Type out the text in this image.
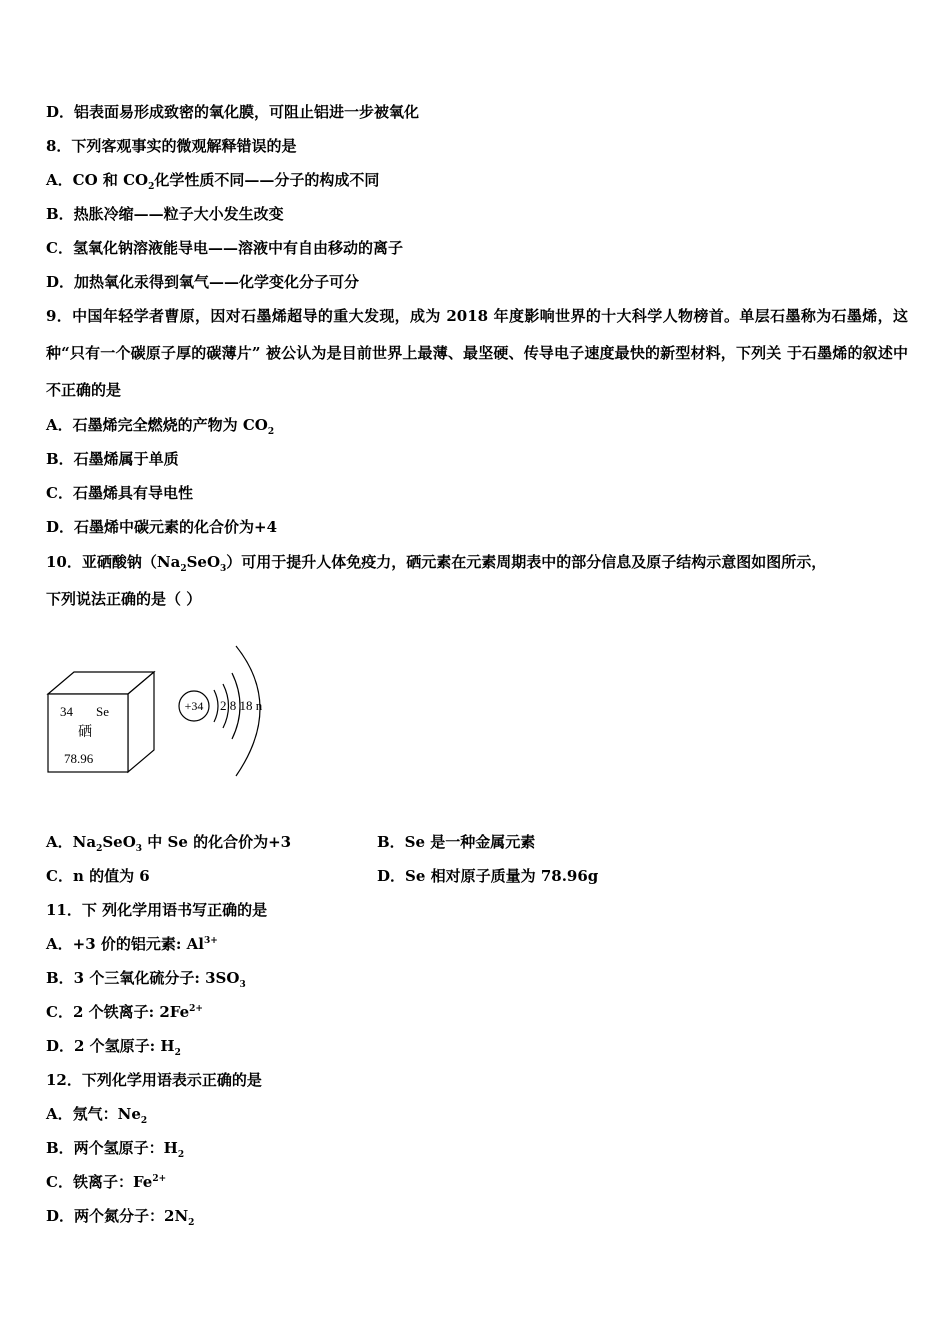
D．铝表面易形成致密的氧化膜，可阻止铝进一步被氧化
8．下列客观事实的微观解释错误的是
A．CO 和 $CO_2$化学性质不同——分子的构成不同
B．热胀冷缩——粒子大小发生改变
C．氢氧化钠溶液能导电——溶液中有自由移动的离子
D．加热氧化汞得到氧气——化学变化分子可分
9．中国年轻学者曹原，因对石墨烯超导的重大发现，成为 2018 年度影响世界的十大科学人物榜首。单层石墨称为石墨烯，这种“只有一个碳原子厚的碳薄片” 被公认为是目前世界上最薄、最坚硬、传导电子速度最快的新型材料，下列关 于石墨烯的叙述中不正确的是
A．石墨烯完全燃烧的产物为 $CO_2$
B．石墨烯属于单质
C．石墨烯具有导电性
D．石墨烯中碳元素的化合价为+4
10．亚硒酸钠$(Na_2SeO_3)$可用于提升人体免疫力，硒元素在元素周期表中的部分信息及原子结构示意图如图所示，
下列说法正确的是（ ）
34 Se
硒
78.96
+34 2 8 18 n
A．$Na_2SeO_3$ 中 Se 的化合价为+3	B．Se 是一种金属元素
C．n 的值为 6	D．Se 相对原子质量为 78.96g
11．下 列化学用语书写正确的是
A．+3 价的铝元素: $Al^{3+}$
B．3 个三氧化硫分子: $3SO_3$
C．2 个铁离子: $2Fe^{2+}$
D．2 个氢原子: $H_2$
12．下列化学用语表示正确的是
A．氖气：$Ne_2$
B．两个氢原子：$H_2$
C．铁离子：$Fe^{2+}$
D．两个氮分子：$2N_2$
